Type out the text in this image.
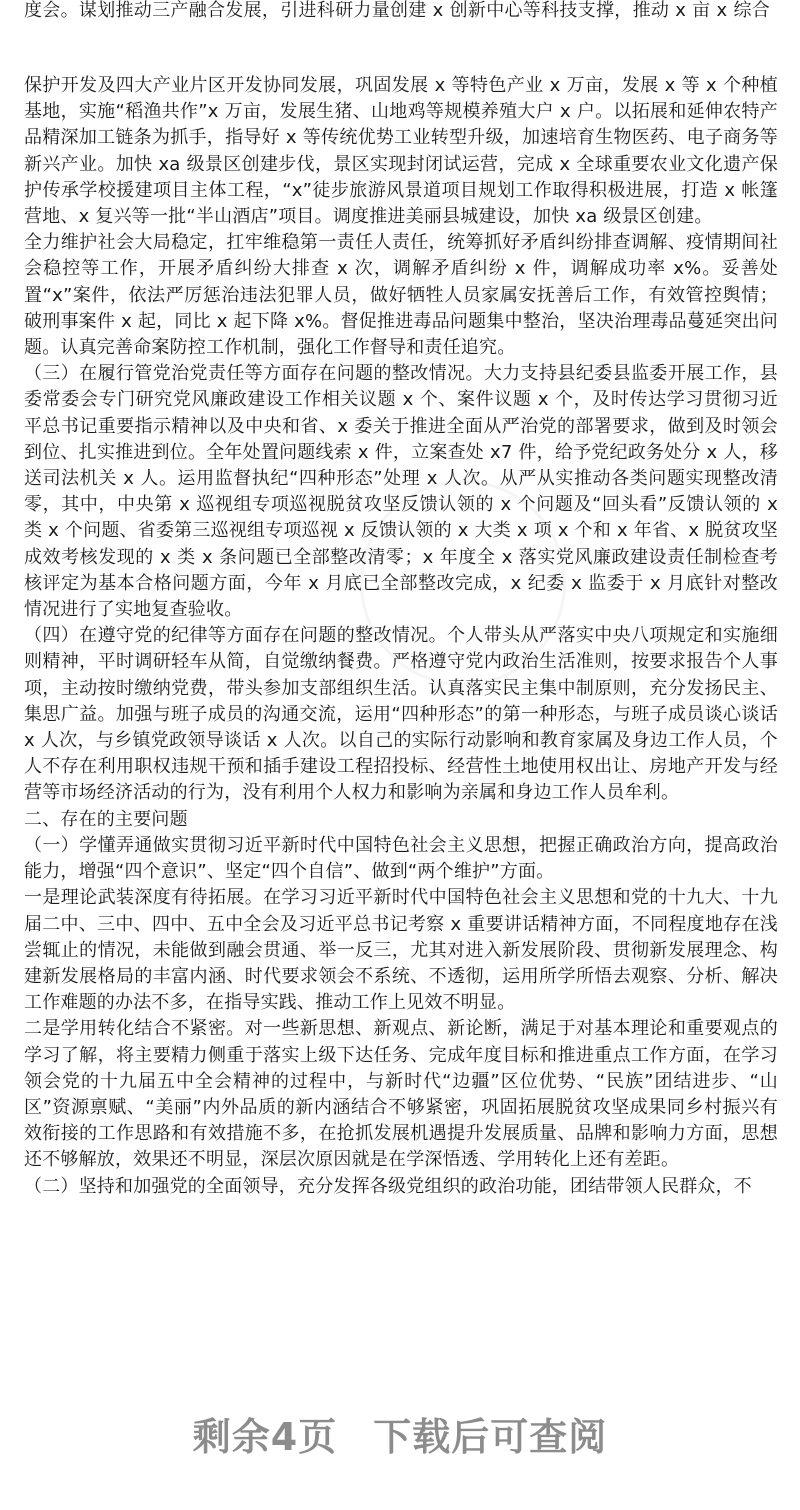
度会。谋划推动三产融合发展，引进科研力量创建 x 创新中心等科技支撑，推动 x 亩 x 综合

保护开发及四大产业片区开发协同发展，巩固发展 x 等特色产业 x 万亩，发展 x 等 x 个种植基地，实施“稻渔共作”x 万亩，发展生猪、山地鸡等规模养殖大户 x 户。以拓展和延伸农特产品精深加工链条为抓手，指导好 x 等传统优势工业转型升级，加速培育生物医药、电子商务等新兴产业。加快 xa 级景区创建步伐，景区实现封闭试运营，完成 x 全球重要农业文化遗产保护传承学校援建项目主体工程，“x”徒步旅游风景道项目规划工作取得积极进展，打造 x 帐篷营地、x 复兴等一批“半山酒店”项目。调度推进美丽县城建设，加快 xa 级景区创建。

全力维护社会大局稳定，扛牢维稳第一责任人责任，统筹抓好矛盾纠纷排查调解、疫情期间社会稳控等工作，开展矛盾纠纷大排查 x 次，调解矛盾纠纷 x 件，调解成功率 x%。妥善处置“x”案件，依法严厉惩治违法犯罪人员，做好牺牲人员家属安抚善后工作，有效管控舆情；破刑事案件 x 起，同比 x 起下降 x%。督促推进毒品问题集中整治，坚决治理毒品蔓延突出问题。认真完善命案防控工作机制，强化工作督导和责任追究。

（三）在履行管党治党责任等方面存在问题的整改情况。大力支持县纪委县监委开展工作，县委常委会专门研究党风廉政建设工作相关议题 x 个、案件议题 x 个，及时传达学习贯彻习近平总书记重要指示精神以及中央和省、x 委关于推进全面从严治党的部署要求，做到及时领会到位、扎实推进到位。全年处置问题线索 x 件，立案查处 x7 件，给予党纪政务处分 x 人，移送司法机关 x 人。运用监督执纪“四种形态”处理 x 人次。从严从实推动各类问题实现整改清零，其中，中央第 x 巡视组专项巡视脱贫攻坚反馈认领的 x 个问题及“回头看”反馈认领的 x 类 x 个问题、省委第三巡视组专项巡视 x 反馈认领的 x 大类 x 项 x 个和 x 年省、x 脱贫攻坚成效考核发现的 x 类 x 条问题已全部整改清零；x 年度全 x 落实党风廉政建设责任制检查考核评定为基本合格问题方面，今年 x 月底已全部整改完成，x 纪委 x 监委于 x 月底针对整改情况进行了实地复查验收。

（四）在遵守党的纪律等方面存在问题的整改情况。个人带头从严落实中央八项规定和实施细则精神，平时调研轻车从简，自觉缴纳餐费。严格遵守党内政治生活准则，按要求报告个人事项，主动按时缴纳党费，带头参加支部组织生活。认真落实民主集中制原则，充分发扬民主、集思广益。加强与班子成员的沟通交流，运用“四种形态”的第一种形态，与班子成员谈心谈话 x 人次，与乡镇党政领导谈话 x 人次。以自己的实际行动影响和教育家属及身边工作人员，个人不存在利用职权违规干预和插手建设工程招投标、经营性土地使用权出让、房地产开发与经营等市场经济活动的行为，没有利用个人权力和影响为亲属和身边工作人员牟利。

二、存在的主要问题

（一）学懂弄通做实贯彻习近平新时代中国特色社会主义思想，把握正确政治方向，提高政治能力，增强“四个意识”、坚定“四个自信”、做到“两个维护”方面。

一是理论武装深度有待拓展。在学习习近平新时代中国特色社会主义思想和党的十九大、十九届二中、三中、四中、五中全会及习近平总书记考察 x 重要讲话精神方面，不同程度地存在浅尝辄止的情况，未能做到融会贯通、举一反三，尤其对进入新发展阶段、贯彻新发展理念、构建新发展格局的丰富内涵、时代要求领会不系统、不透彻，运用所学所悟去观察、分析、解决工作难题的办法不多，在指导实践、推动工作上见效不明显。

二是学用转化结合不紧密。对一些新思想、新观点、新论断，满足于对基本理论和重要观点的学习了解，将主要精力侧重于落实上级下达任务、完成年度目标和推进重点工作方面，在学习领会党的十九届五中全会精神的过程中，与新时代“边疆”区位优势、“民族”团结进步、“山区”资源禀赋、“美丽”内外品质的新内涵结合不够紧密，巩固拓展脱贫攻坚成果同乡村振兴有效衔接的工作思路和有效措施不多，在抢抓发展机遇提升发展质量、品牌和影响力方面，思想还不够解放，效果还不明显，深层次原因就是在学深悟透、学用转化上还有差距。

（二）坚持和加强党的全面领导，充分发挥各级党组织的政治功能，团结带领人民群众，不

剩余4页 下载后可查阅
